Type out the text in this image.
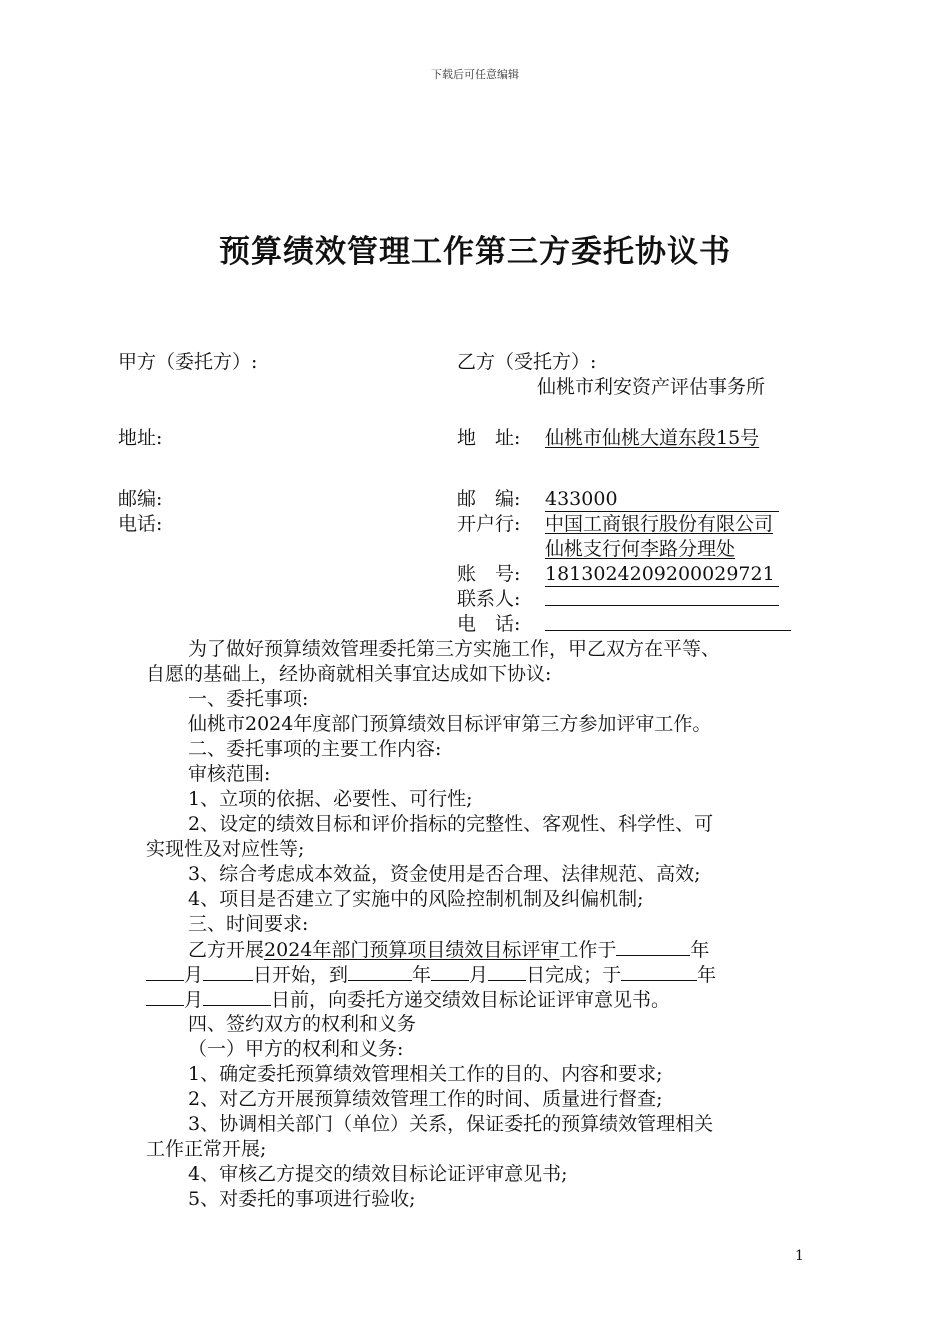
下载后可任意编辑
预算绩效管理工作第三方委托协议书
甲方（委托方）:
地址:
邮编:
电话:
乙方（受托方）:
仙桃市利安资产评估事务所
地　址: 仙桃市仙桃大道东段15号
邮　编: 433000
开户行: 中国工商银行股份有限公司
仙桃支行何李路分理处
账　号: 181302420920002972​1
联系人:
电　话:
为了做好预算绩效管理委托第三方实施工作，甲乙双方在平等、
自愿的基础上，经协商就相关事宜达成如下协议:
一、委托事项:
仙桃市2024年度部门预算绩效目标评审第三方参加评审工作。
二、委托事项的主要工作内容:
审核范围:
1、立项的依据、必要性、可行性;
2、设定的绩效目标和评价指标的完整性、客观性、科学性、可
实现性及对应性等;
3、综合考虑成本效益，资金使用是否合理、法律规范、高效;
4、项目是否建立了实施中的风险控制机制及纠偏机制;
三、时间要求:
乙方开展2024年部门预算项目绩效目标评审工作于	年
月	日开始，到	年 月 日完成；于	年
月	日前，向委托方递交绩效目标论证评审意见书。
四、签约双方的权利和义务
（一）甲方的权利和义务:
1、确定委托预算绩效管理相关工作的目的、内容和要求;
2、对乙方开展预算绩效管理工作的时间、质量进行督查;
3、协调相关部门（单位）关系，保证委托的预算绩效管理相关
工作正常开展;
4、审核乙方提交的绩效目标论证评审意见书;
5、对委托的事项进行验收;
1
